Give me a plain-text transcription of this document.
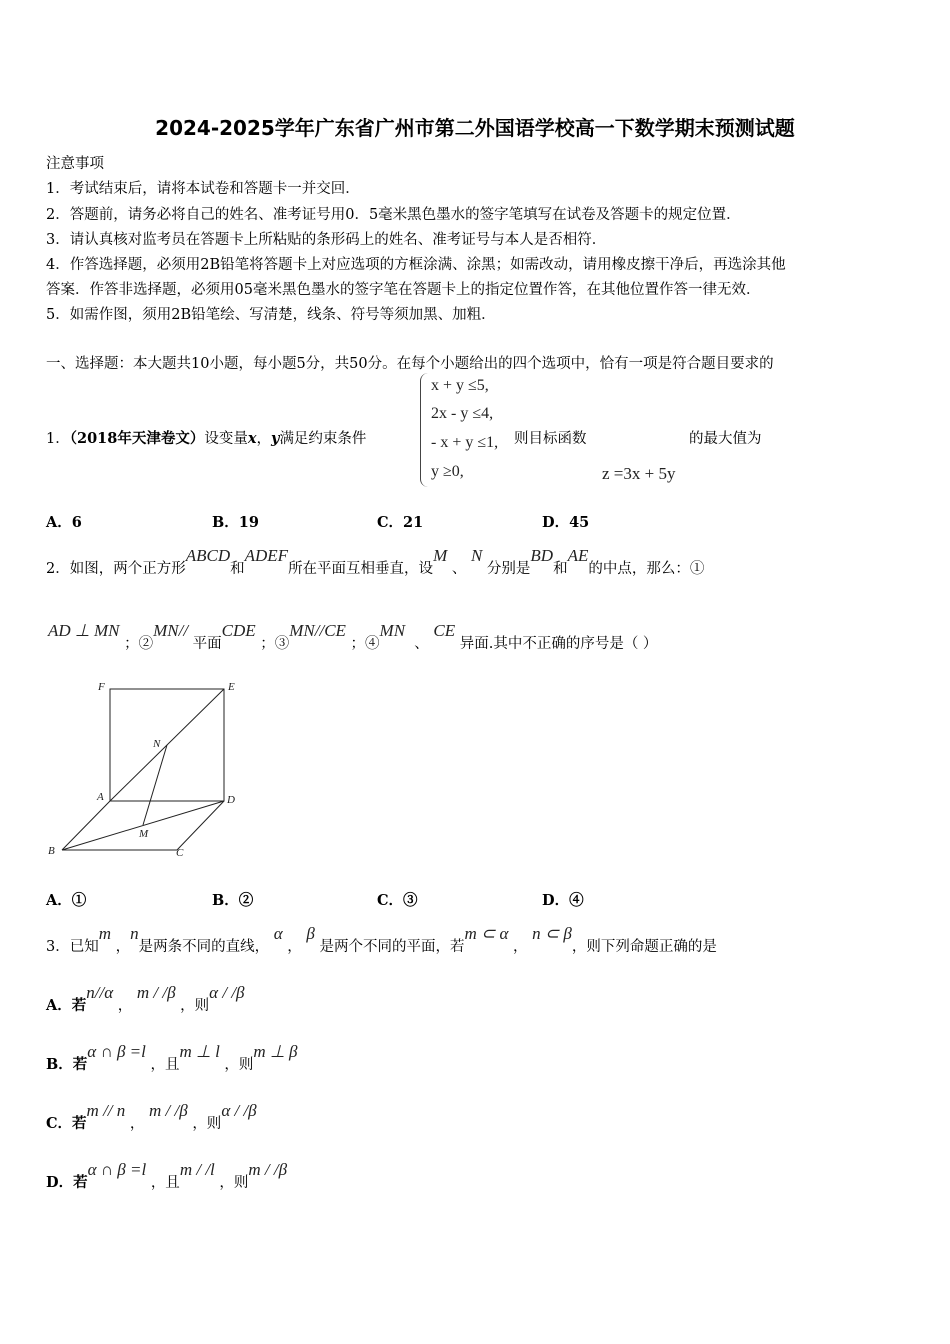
2024-2025学年广东省广州市第二外国语学校高一下数学期末预测试题
注意事项
1．考试结束后，请将本试卷和答题卡一并交回．
2．答题前，请务必将自己的姓名、准考证号用0．5毫米黑色墨水的签字笔填写在试卷及答题卡的规定位置．
3．请认真核对监考员在答题卡上所粘贴的条形码上的姓名、准考证号与本人是否相符．
4．作答选择题，必须用2B铅笔将答题卡上对应选项的方框涂满、涂黑；如需改动，请用橡皮擦干净后，再选涂其他
答案．作答非选择题，必须用05毫米黑色墨水的签字笔在答题卡上的指定位置作答，在其他位置作答一律无效．
5．如需作图，须用2B铅笔绘、写清楚，线条、符号等须加黑、加粗．
一、选择题：本大题共10小题，每小题5分，共50分。在每个小题给出的四个选项中，恰有一项是符合题目要求的
1．（2018年天津卷文）设变量x，y满足约束条件
x + y ≤5,
2x - y ≤4,
- x + y ≤1,
y ≥0,
则目标函数
z =3x + 5y
的最大值为
A．6	B．19	C．21	D．45
2．如图，两个正方形ABCD和ADEF所在平面互相垂直，设M 、 N 分别是BD和AE的中点，那么：①
AD ⊥ MN ；②MN// 平面CDE ；③MN//CE ；④MN  、 CE 异面.其中不正确的序号是（ ）
F	E
N
A	D
M
B	C
A．①	B．②	C．③	D．④
3．已知m ，n是两条不同的直线， α ， β 是两个不同的平面，若m ⊂ α ， n ⊂ β，则下列命题正确的是
A．若n//α ， m / /β ，则α / /β
B．若α ∩ β =l ，且m ⊥ l ，则m ⊥ β
C．若m // n ， m / /β ，则α / /β
D．若α ∩ β =l ，且m / /l ，则m / /β
